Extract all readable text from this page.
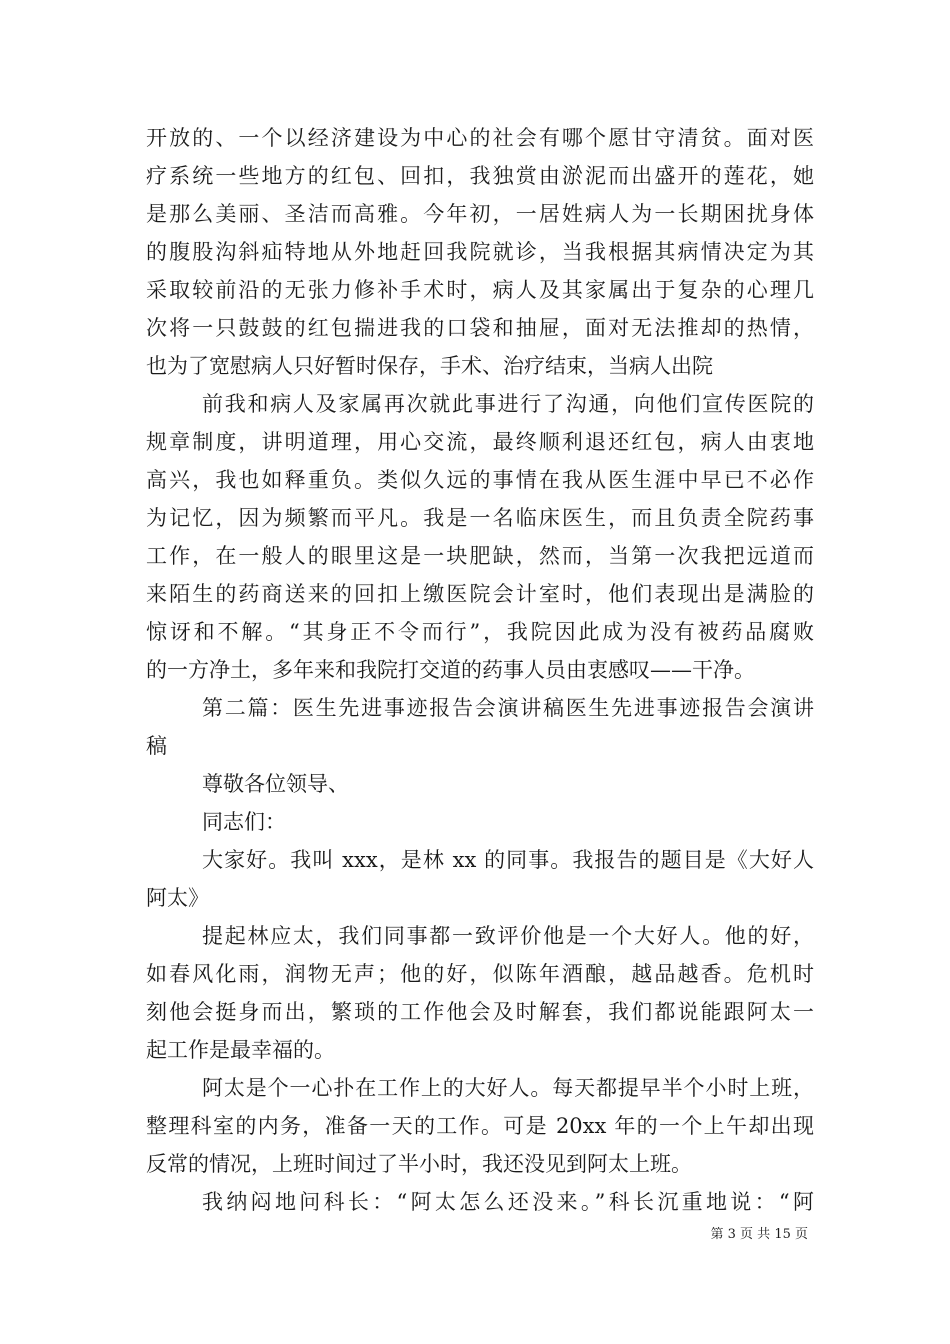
开放的、一个以经济建设为中心的社会有哪个愿甘守清贫。面对医
疗系统一些地方的红包、回扣，我独赏由淤泥而出盛开的莲花，她
是那么美丽、圣洁而高雅。今年初，一居姓病人为一长期困扰身体
的腹股沟斜疝特地从外地赶回我院就诊，当我根据其病情决定为其
采取较前沿的无张力修补手术时，病人及其家属出于复杂的心理几
次将一只鼓鼓的红包揣进我的口袋和抽屉，面对无法推却的热情，
也为了宽慰病人只好暂时保存，手术、治疗结束，当病人出院
前我和病人及家属再次就此事进行了沟通，向他们宣传医院的
规章制度，讲明道理，用心交流，最终顺利退还红包，病人由衷地
高兴，我也如释重负。类似久远的事情在我从医生涯中早已不必作
为记忆，因为频繁而平凡。我是一名临床医生，而且负责全院药事
工作，在一般人的眼里这是一块肥缺，然而，当第一次我把远道而
来陌生的药商送来的回扣上缴医院会计室时，他们表现出是满脸的
惊讶和不解。“其身正不令而行”，我院因此成为没有被药品腐败
的一方净土，多年来和我院打交道的药事人员由衷感叹——干净。
第二篇：医生先进事迹报告会演讲稿医生先进事迹报告会演讲
稿
尊敬各位领导、
同志们：
大家好。我叫 xxx，是林 xx 的同事。我报告的题目是《大好人
阿太》
提起林应太，我们同事都一致评价他是一个大好人。他的好，
如春风化雨，润物无声；他的好，似陈年酒酿，越品越香。危机时
刻他会挺身而出，繁琐的工作他会及时解套，我们都说能跟阿太一
起工作是最幸福的。
阿太是个一心扑在工作上的大好人。每天都提早半个小时上班，
整理科室的内务，准备一天的工作。可是 20xx 年的一个上午却出现
反常的情况，上班时间过了半小时，我还没见到阿太上班。
我纳闷地问科长：“阿太怎么还没来。”科长沉重地说：“阿
第 3 页 共 15 页
